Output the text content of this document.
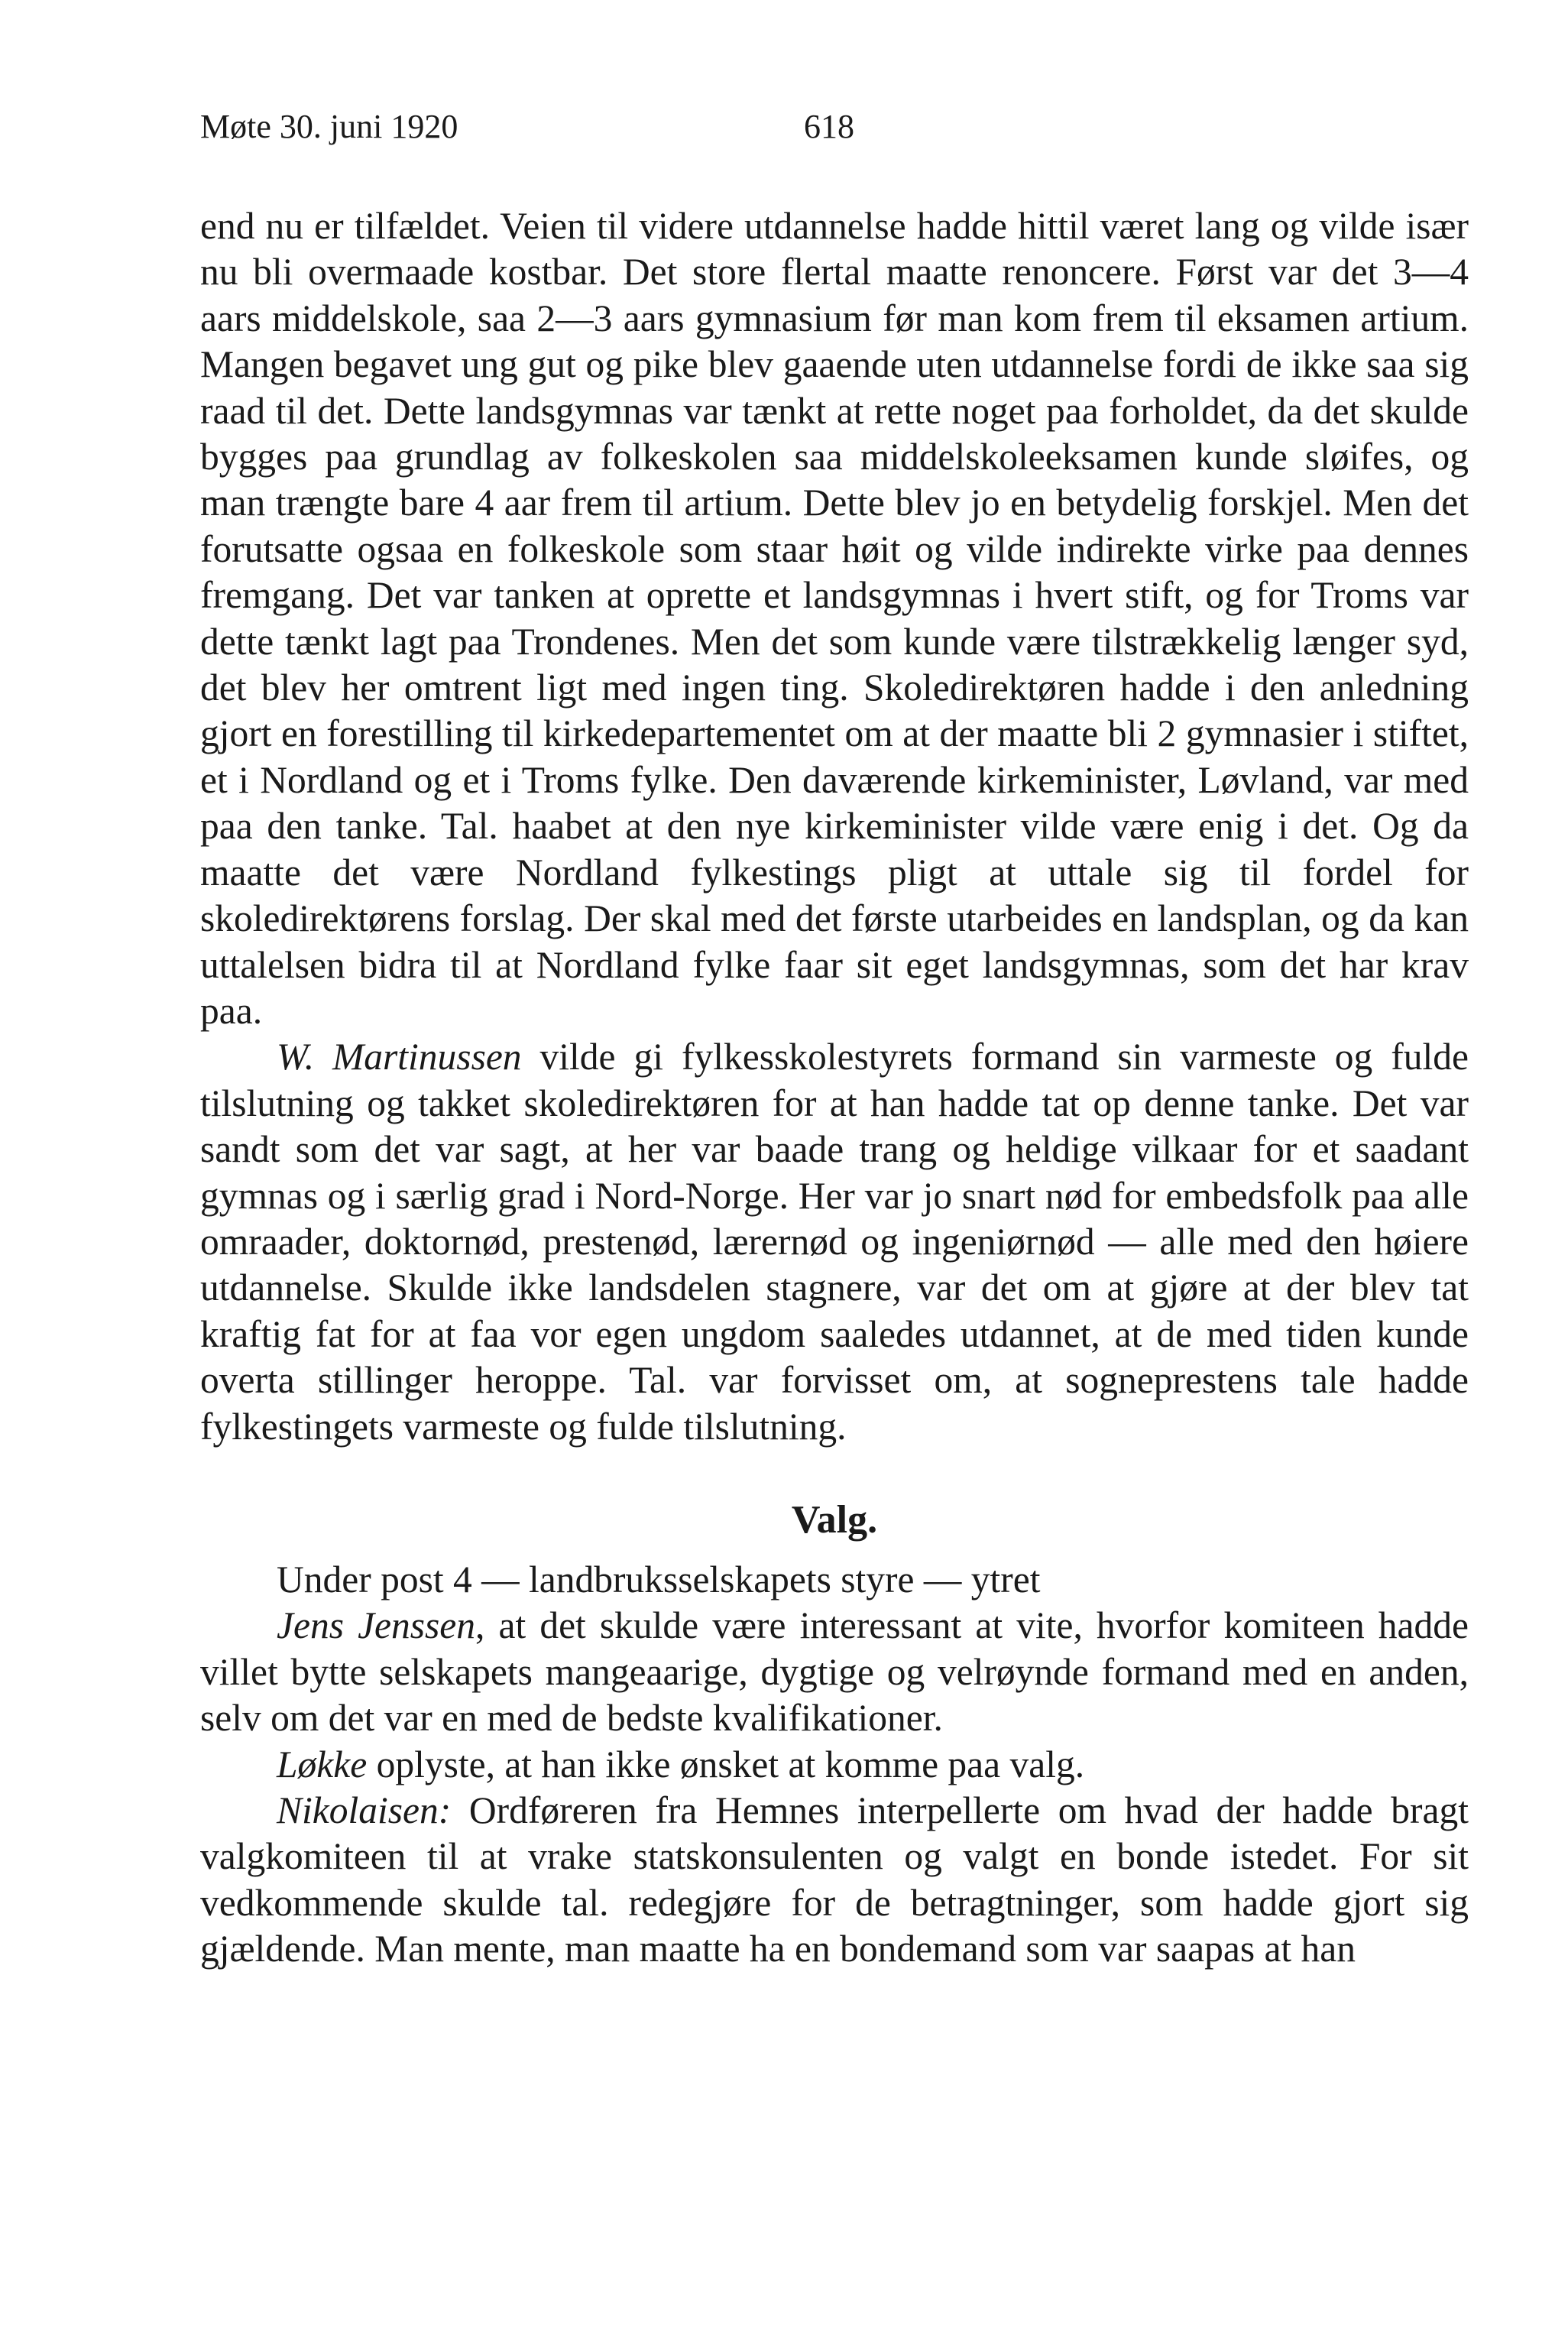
Møte 30. juni 1920	618

end nu er tilfældet. Veien til videre utdannelse hadde hittil været lang og vilde især nu bli overmaade kostbar. Det store flertal maatte renoncere. Først var det 3—4 aars middelskole, saa 2—3 aars gymnasium før man kom frem til eksamen artium. Mangen begavet ung gut og pike blev gaaende uten utdannelse fordi de ikke saa sig raad til det. Dette landsgymnas var tænkt at rette noget paa forholdet, da det skulde bygges paa grundlag av folkeskolen saa middelskoleeksamen kunde sløifes, og man trængte bare 4 aar frem til artium. Dette blev jo en betydelig forskjel. Men det forutsatte ogsaa en folkeskole som staar høit og vilde indirekte virke paa dennes fremgang. Det var tanken at oprette et landsgymnas i hvert stift, og for Troms var dette tænkt lagt paa Trondenes. Men det som kunde være tilstrækkelig længer syd, det blev her omtrent ligt med ingen ting. Skoledirektøren hadde i den anledning gjort en forestilling til kirkedepartementet om at der maatte bli 2 gymnasier i stiftet, et i Nordland og et i Troms fylke. Den daværende kirkeminister, Løvland, var med paa den tanke. Tal. haabet at den nye kirkeminister vilde være enig i det. Og da maatte det være Nordland fylkestings pligt at uttale sig til fordel for skoledirektørens forslag. Der skal med det første utarbeides en landsplan, og da kan uttalelsen bidra til at Nordland fylke faar sit eget landsgymnas, som det har krav paa.

W. Martinussen vilde gi fylkesskolestyrets formand sin varmeste og fulde tilslutning og takket skoledirektøren for at han hadde tat op denne tanke. Det var sandt som det var sagt, at her var baade trang og heldige vilkaar for et saadant gymnas og i særlig grad i Nord-Norge. Her var jo snart nød for embedsfolk paa alle omraader, doktornød, prestenød, lærernød og ingeniørnød — alle med den høiere utdannelse. Skulde ikke landsdelen stagnere, var det om at gjøre at der blev tat kraftig fat for at faa vor egen ungdom saaledes utdannet, at de med tiden kunde overta stillinger heroppe. Tal. var forvisset om, at sogneprestens tale hadde fylkestingets varmeste og fulde tilslutning.

Valg.

Under post 4 — landbruksselskapets styre — ytret

Jens Jenssen, at det skulde være interessant at vite, hvorfor komiteen hadde villet bytte selskapets mangeaarige, dygtige og velrøynde formand med en anden, selv om det var en med de bedste kvalifikationer.

Løkke oplyste, at han ikke ønsket at komme paa valg.

Nikolaisen: Ordføreren fra Hemnes interpellerte om hvad der hadde bragt valgkomiteen til at vrake statskonsulenten og valgt en bonde istedet. For sit vedkommende skulde tal. redegjøre for de betragtninger, som hadde gjort sig gjældende. Man mente, man maatte ha en bondemand som var saapas at han
